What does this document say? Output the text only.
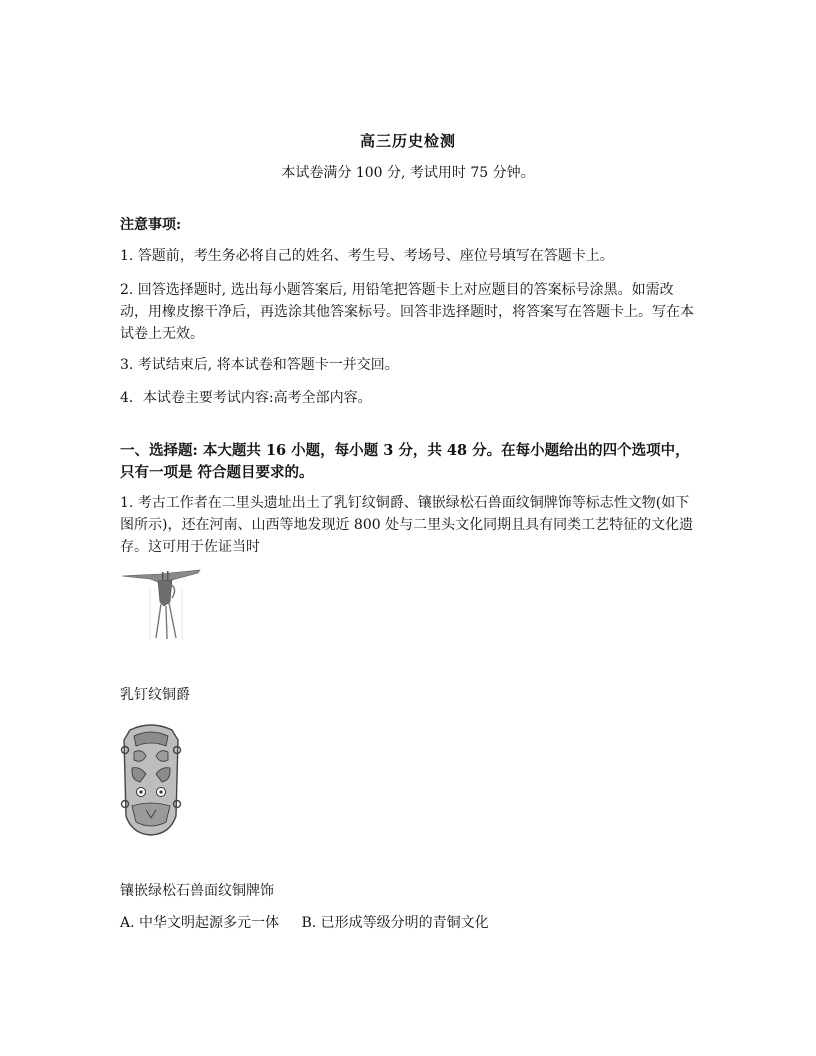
高三历史检测
本试卷满分 100 分, 考试用时 75 分钟。
注意事项:
1. 答题前，考生务必将自己的姓名、考生号、考场号、座位号填写在答题卡上。
2. 回答选择题时, 选出每小题答案后, 用铅笔把答题卡上对应题目的答案标号涂黑。如需改动，用橡皮擦干净后，再选涂其他答案标号。回答非选择题时，将答案写在答题卡上。写在本试卷上无效。
3. 考试结束后, 将本试卷和答题卡一并交回。
4．本试卷主要考试内容:高考全部内容。
一、选择题: 本大题共 16 小题，每小题 3 分，共 48 分。在每小题给出的四个选项中，只有一项是 符合题目要求的。
1. 考古工作者在二里头遗址出土了乳钉纹铜爵、镶嵌绿松石兽面纹铜牌饰等标志性文物(如下图所示)，还在河南、山西等地发现近 800 处与二里头文化同期且具有同类工艺特征的文化遗存。这可用于佐证当时
乳钉纹铜爵
镶嵌绿松石兽面纹铜牌饰
A. 中华文明起源多元一体 B. 已形成等级分明的青铜文化
